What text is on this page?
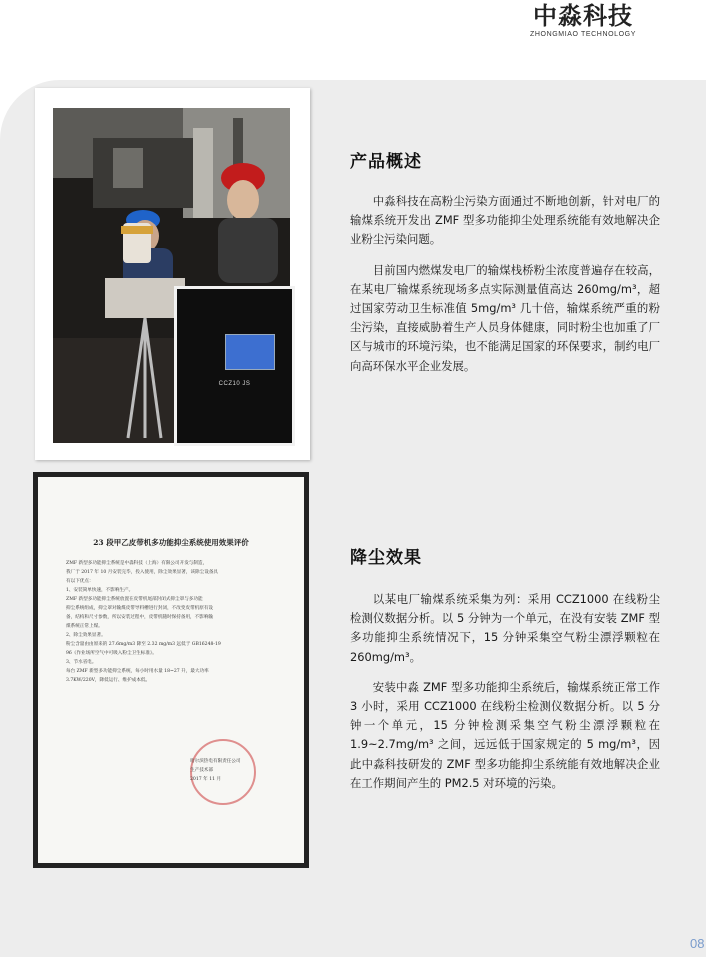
中淼科技
ZHONGMIAO TECHNOLOGY
CCZ10 JS
23 段甲乙皮带机多功能抑尘系统使用效果评价

ZMF 新型多功能抑尘系统是中淼科技（上海）有限公司开发与制造，

我厂于 2017 年 10 月安装完毕，投入使用，除尘效果显著，该除尘设备具

有以下优点：

1、安装简单快速，不影响生产。

ZMF 新型多功能抑尘系统放置在皮带机尾部封闭式抑尘罩与多功能

抑尘系统组成，抑尘罩对输煤皮带导料槽进行封闭，不改变皮带机原有设

备，结构和尺寸参数，所以安装过程中，皮带机随时保持备用，不影响输

煤系统正常上煤。

2、除尘效果显著。

粉尘含量由由原来的 27.6mg/m3 降至 2.32 mg/m3 远低于 GB16248-19

96《作业场所空气中可吸入粉尘卫生标准》。

3、节水省电。

每台 ZMF 新型多功能抑尘系统，每小时用水量 18~27 升，最大功率

3.7KW/220V，降低运行、维护成本低。

哈尔滨热电有限责任公司

生产技术部

2017 年 11 月

产品概述

中淼科技在高粉尘污染方面通过不断地创新，针对电厂的输煤系统开发出 ZMF 型多功能抑尘处理系统能有效地解决企业粉尘污染问题。

目前国内燃煤发电厂的输煤栈桥粉尘浓度普遍存在较高，在某电厂输煤系统现场多点实际测量值高达 260mg/m³，超过国家劳动卫生标准值 5mg/m³ 几十倍，输煤系统严重的粉尘污染，直接威胁着生产人员身体健康，同时粉尘也加重了厂区与城市的环境污染，也不能满足国家的环保要求，制约电厂向高环保水平企业发展。

降尘效果

以某电厂输煤系统采集为列：采用 CCZ1000 在线粉尘检测仪数据分析。以 5 分钟为一个单元，在没有安装 ZMF 型多功能抑尘系统情况下，15 分钟采集空气粉尘漂浮颗粒在 260mg/m³。

安装中淼 ZMF 型多功能抑尘系统后，输煤系统正常工作 3 小时，采用 CCZ1000 在线粉尘检测仪数据分析。以 5 分钟一个单元，15 分钟检测采集空气粉尘漂浮颗粒在 1.9~2.7mg/m³ 之间，远远低于国家规定的 5 mg/m³，因此中淼科技研发的 ZMF 型多功能抑尘系统能有效地解决企业在工作期间产生的 PM2.5 对环境的污染。

08
